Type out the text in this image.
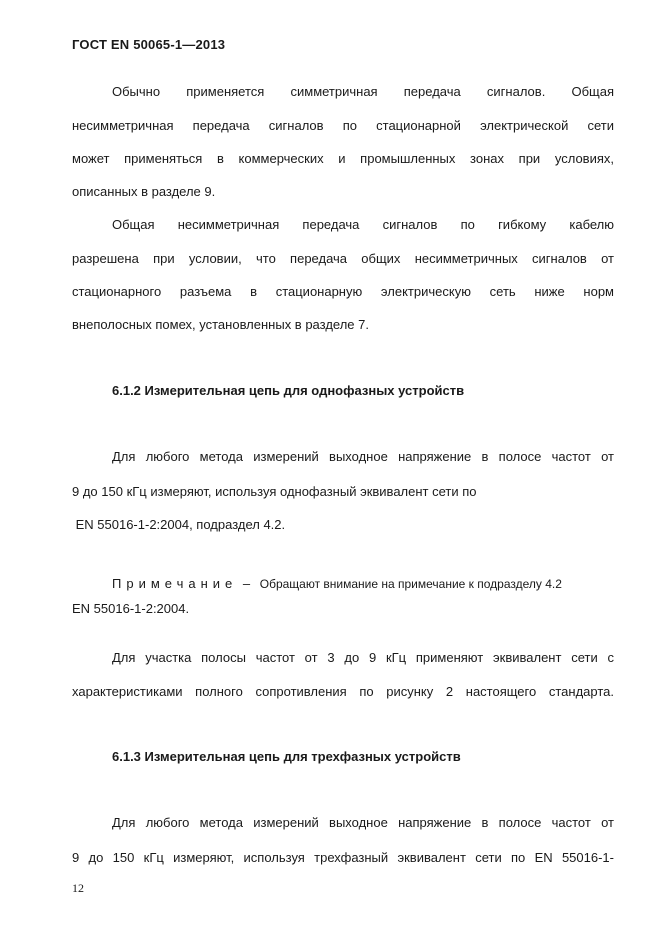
ГОСТ EN 50065-1—2013
Обычно применяется симметричная передача сигналов. Общая
несимметричная передача сигналов по стационарной электрической сети
может применяться в коммерческих и промышленных зонах при условиях,
описанных в разделе 9.
Общая несимметричная передача сигналов по гибкому кабелю
разрешена при условии, что передача общих несимметричных сигналов от
стационарного разъема в стационарную электрическую сеть ниже норм
внеполосных помех, установленных в разделе 7.
6.1.2 Измерительная цепь для однофазных устройств
Для любого метода измерений выходное напряжение в полосе частот от
9 до 150 кГц измеряют, используя однофазный эквивалент сети по
EN 55016-1-2:2004, подраздел 4.2.
Примечание – Обращают внимание на примечание к подразделу 4.2
EN 55016-1-2:2004.
Для участка полосы частот от 3 до 9 кГц применяют эквивалент сети с
характеристиками полного сопротивления по рисунку 2 настоящего стандарта.
6.1.3 Измерительная цепь для трехфазных устройств
Для любого метода измерений выходное напряжение в полосе частот от
9 до 150 кГц измеряют, используя трехфазный эквивалент сети по EN 55016-1-
12
